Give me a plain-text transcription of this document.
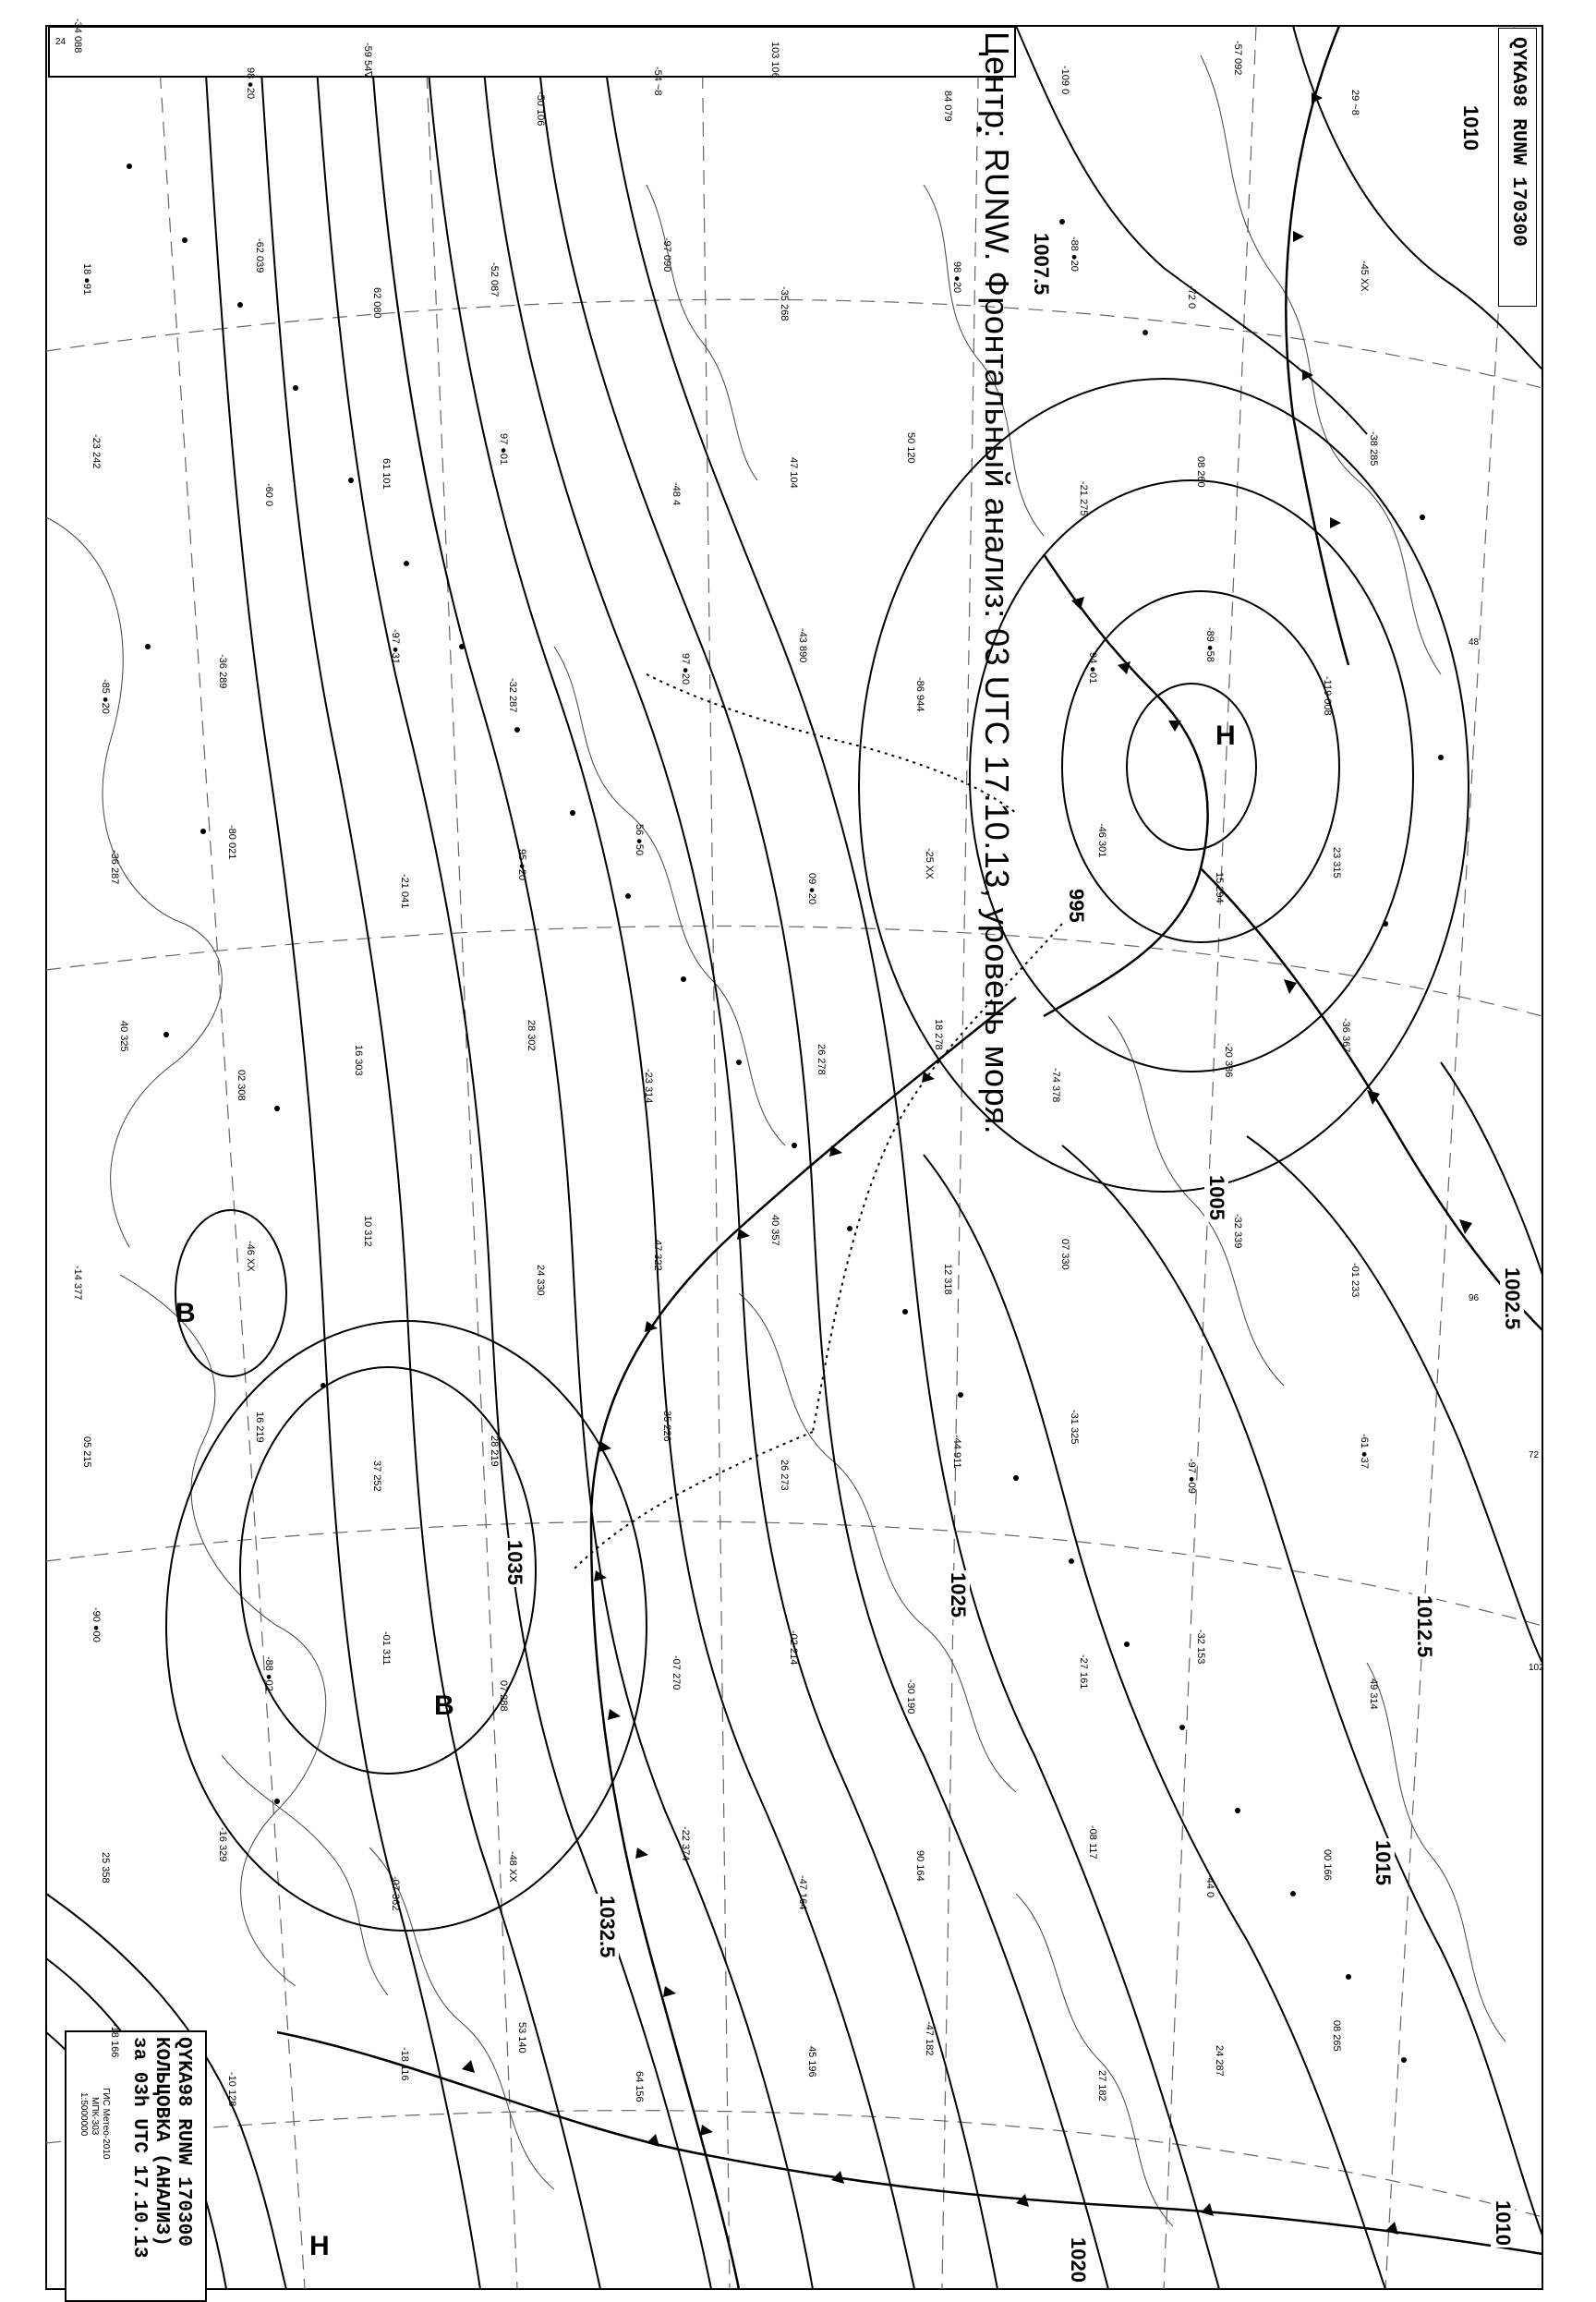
Центр: RUNW. Фронтальный анализ: 03 UTC 17.10.13, уровень моря.	QYKA98 RUNW 170300
QYKA98 RUNW 170300
КОЛЬЦОВКА (АНАЛИЗ)
за 03h UTC 17.10.13
ГИС Метео-2010
МПК-303
1:5000000
1010
1007.5
995
1005
1002.5
1012.5
1025
1015
1020
1035
1032.5
1010
Н
В
В
Н
-34 088
98 ●20
-59 54∇
-50 106
-54 ~8
103 106
84 079
-109 0
-57 092
29 ~8
18 ●91
-62 039
62 080
-52 087
-97 090
-35 268
98 ●20
-88 ●20
-72 0
-45 XX
-23 242
-60 0
61 101
97 ●01
-48 4
47 104
50 120
-21 275
08 260
-38 285
-85 ●20
-36 289
-97 ●31
-32 287
97 ●20
-43 890
-86 944
94 ●01
-89 ●58
-119 008
-36 287
-80 021
-21 041
95 ●20
56 ●50
09 ●20
-25 XX
-46 301
15 294
23 315
40 325
02 308
16 303
28 302
-23 314
26 278
18 278
-74 378
-20 386
-36 367
-14 377
-46 XX
10 312
24 330
47 322
40 357
12 318
07 330
-32 339
-01 233
05 215
16 219
37 252
28 219
35 226
26 273
-44 911
-31 325
-97 ●09
-61 ●37
-90 ●00
-88 ●02
-01 311
07 288
-07 270
-02 214
-30 190
-27 161
-32 153
49 314
25 358
-16 329
-07 362
-48 XX
-22 374
-47 164
90 164
-08 117
-44 0
00 166
-18 166
-10 128
-18 116
53 140
64 156
45 196
-47 182
27 182
24 287
08 265
48
96
72
102
24
